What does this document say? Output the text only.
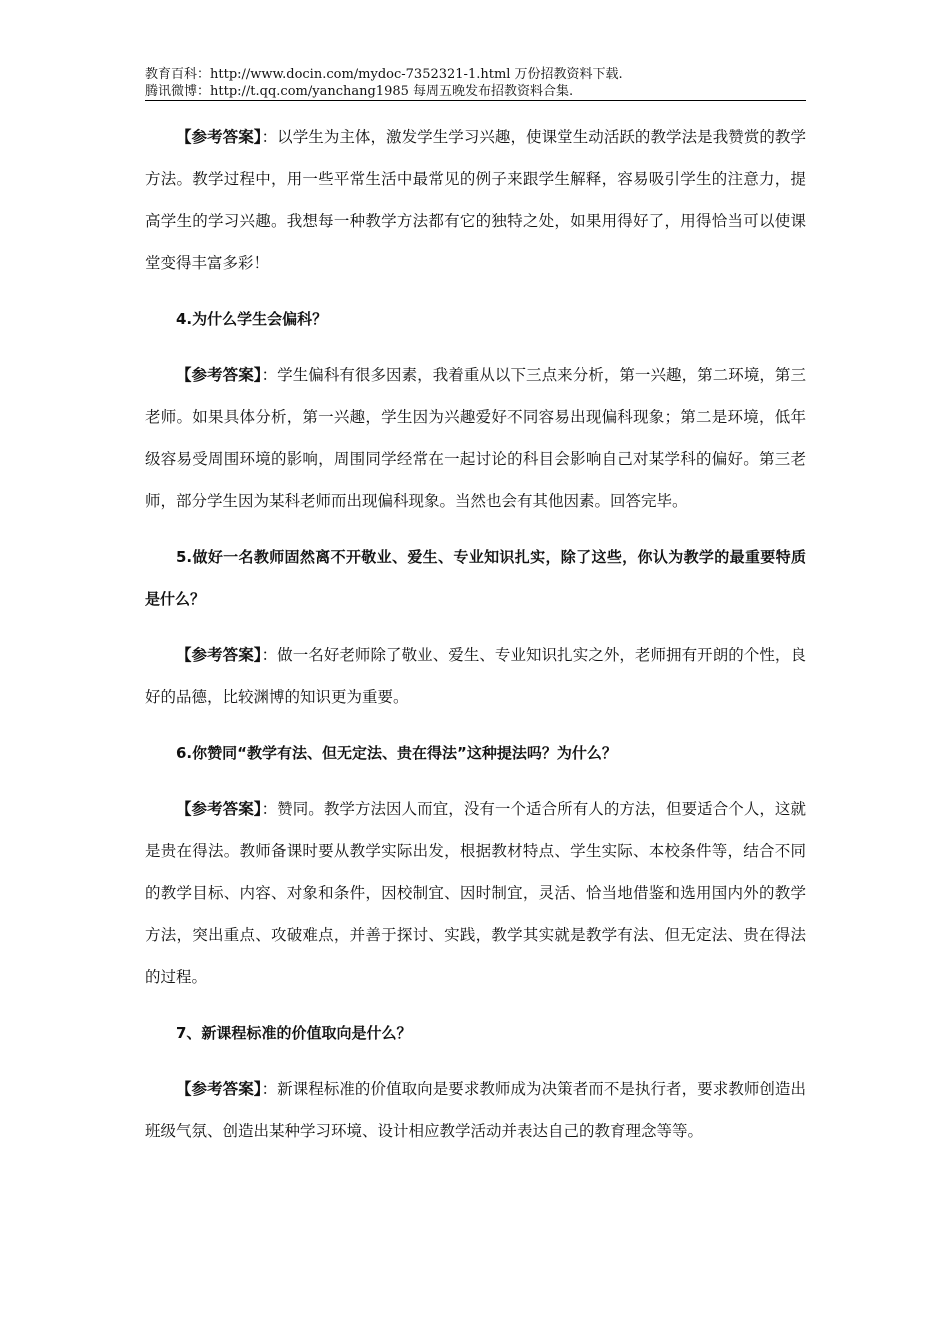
教育百科：http://www.docin.com/mydoc-7352321-1.html 万份招教资料下载.
腾讯微博：http://t.qq.com/yanchang1985 每周五晚发布招教资料合集.

【参考答案】：以学生为主体，激发学生学习兴趣，使课堂生动活跃的教学法是我赞赏的教学方法。教学过程中，用一些平常生活中最常见的例子来跟学生解释，容易吸引学生的注意力，提高学生的学习兴趣。我想每一种教学方法都有它的独特之处，如果用得好了，用得恰当可以使课堂变得丰富多彩！

4.为什么学生会偏科？

【参考答案】：学生偏科有很多因素，我着重从以下三点来分析，第一兴趣，第二环境，第三老师。如果具体分析，第一兴趣，学生因为兴趣爱好不同容易出现偏科现象；第二是环境，低年级容易受周围环境的影响，周围同学经常在一起讨论的科目会影响自己对某学科的偏好。第三老师，部分学生因为某科老师而出现偏科现象。当然也会有其他因素。回答完毕。

5.做好一名教师固然离不开敬业、爱生、专业知识扎实，除了这些，你认为教学的最重要特质是什么？

【参考答案】：做一名好老师除了敬业、爱生、专业知识扎实之外，老师拥有开朗的个性，良好的品德，比较渊博的知识更为重要。

6.你赞同“教学有法、但无定法、贵在得法”这种提法吗？为什么？

【参考答案】：赞同。教学方法因人而宜，没有一个适合所有人的方法，但要适合个人，这就是贵在得法。教师备课时要从教学实际出发，根据教材特点、学生实际、本校条件等，结合不同的教学目标、内容、对象和条件，因校制宜、因时制宜，灵活、恰当地借鉴和选用国内外的教学方法，突出重点、攻破难点，并善于探讨、实践，教学其实就是教学有法、但无定法、贵在得法的过程。

7、新课程标准的价值取向是什么？

【参考答案】：新课程标准的价值取向是要求教师成为决策者而不是执行者，要求教师创造出班级气氛、创造出某种学习环境、设计相应教学活动并表达自己的教育理念等等。
